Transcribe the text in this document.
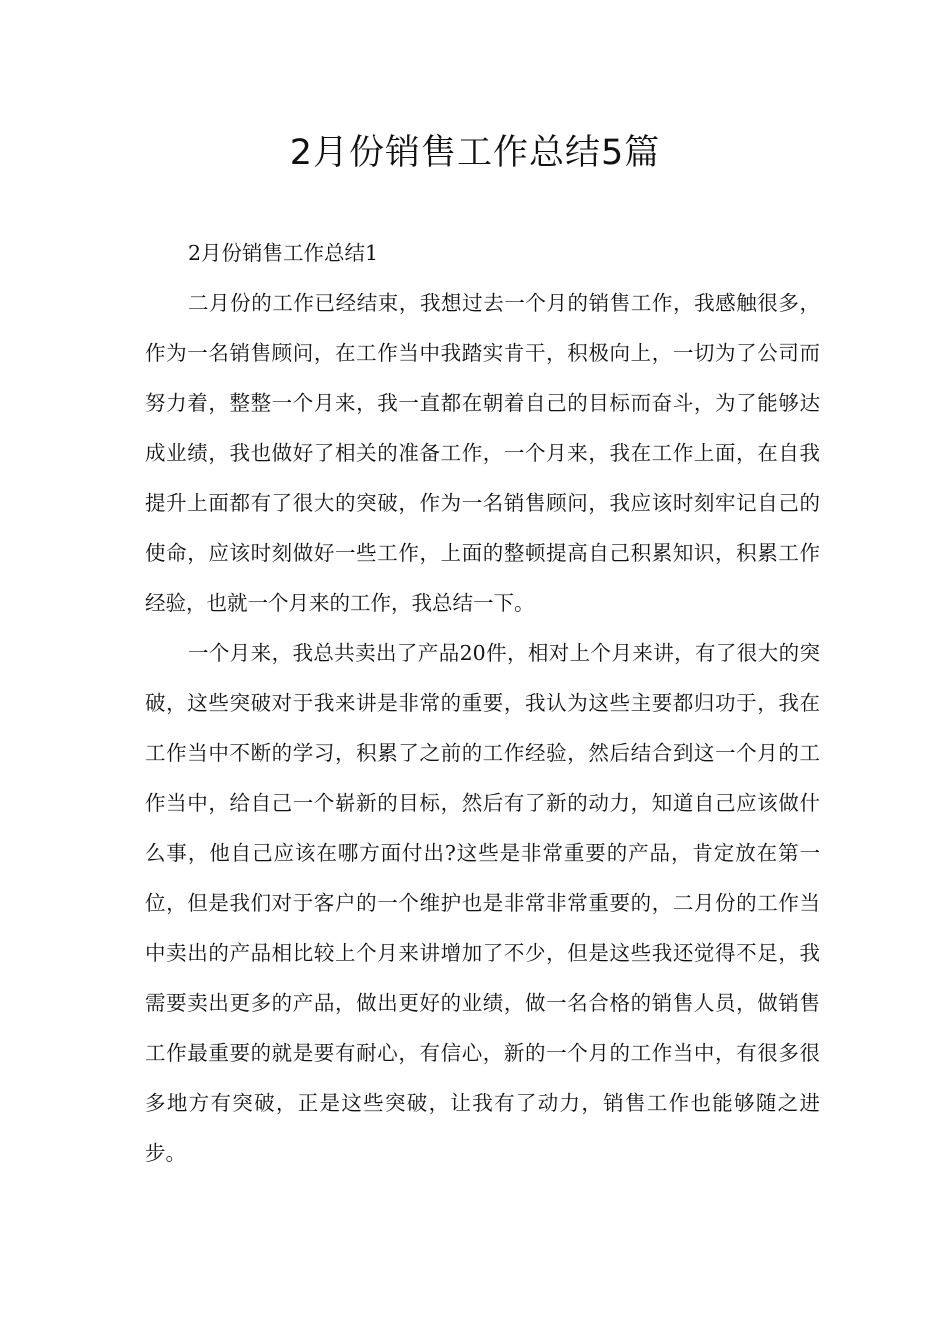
2月份销售工作总结5篇

2月份销售工作总结1

二月份的工作已经结束，我想过去一个月的销售工作，我感触很多，作为一名销售顾问，在工作当中我踏实肯干，积极向上，一切为了公司而努力着，整整一个月来，我一直都在朝着自己的目标而奋斗，为了能够达成业绩，我也做好了相关的准备工作，一个月来，我在工作上面，在自我提升上面都有了很大的突破，作为一名销售顾问，我应该时刻牢记自己的使命，应该时刻做好一些工作，上面的整顿提高自己积累知识，积累工作经验，也就一个月来的工作，我总结一下。

一个月来，我总共卖出了产品20件，相对上个月来讲，有了很大的突破，这些突破对于我来讲是非常的重要，我认为这些主要都归功于，我在工作当中不断的学习，积累了之前的工作经验，然后结合到这一个月的工作当中，给自己一个崭新的目标，然后有了新的动力，知道自己应该做什么事，他自己应该在哪方面付出?这些是非常重要的产品，肯定放在第一位，但是我们对于客户的一个维护也是非常非常重要的，二月份的工作当中卖出的产品相比较上个月来讲增加了不少，但是这些我还觉得不足，我需要卖出更多的产品，做出更好的业绩，做一名合格的销售人员，做销售工作最重要的就是要有耐心，有信心，新的一个月的工作当中，有很多很多地方有突破，正是这些突破，让我有了动力，销售工作也能够随之进步。
